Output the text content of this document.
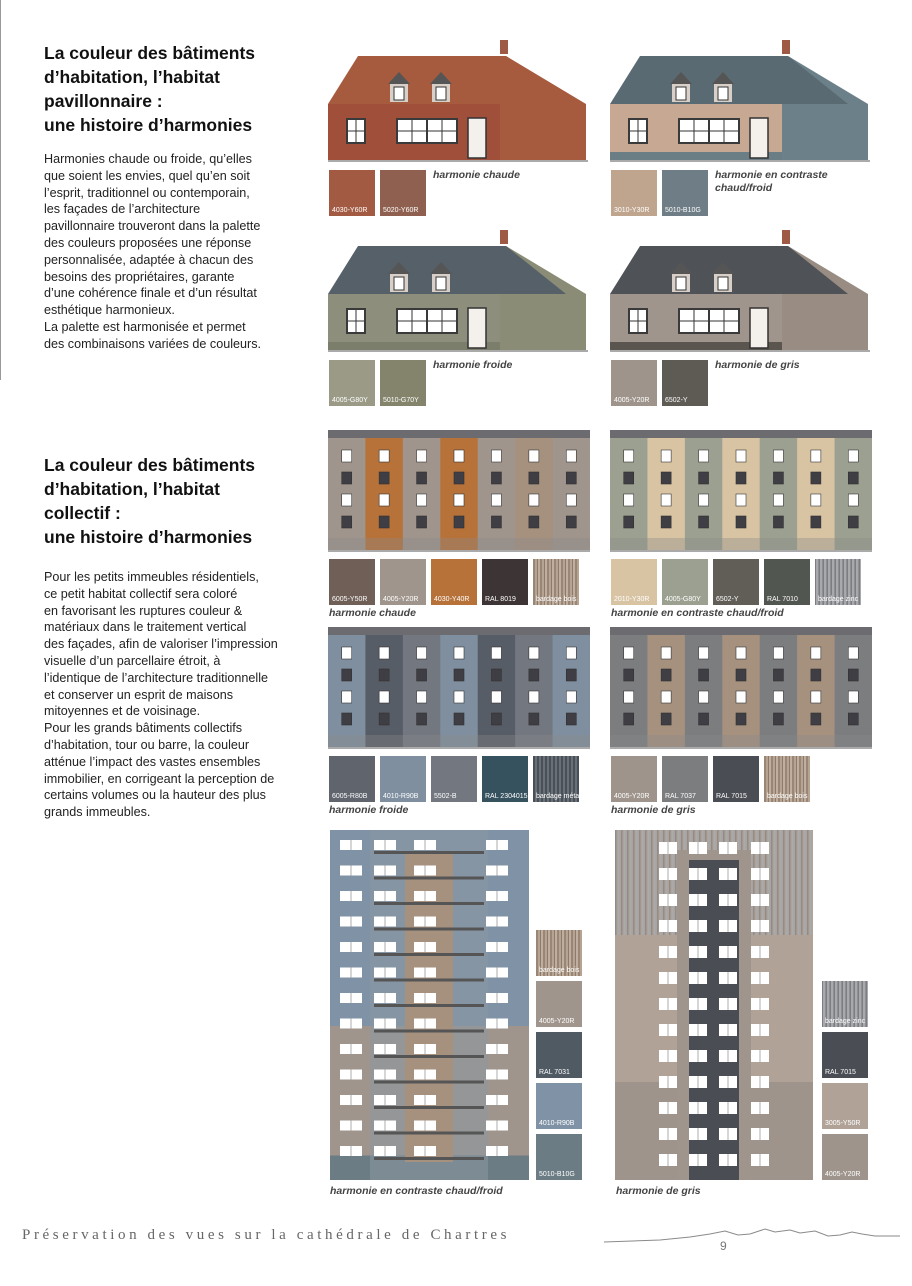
La couleur des bâtiments
d’habitation, l’habitat
pavillonnaire :
une histoire d’harmonies
Harmonies chaude ou froide, qu’elles
que soient les envies, quel qu’en soit
l’esprit, traditionnel ou contemporain,
les façades de l’architecture
pavillonnaire trouveront dans la palette
des couleurs proposées une réponse
personnalisée, adaptée à chacun des
besoins des propriétaires, garante
d’une cohérence finale et d’un résultat
esthétique harmonieux.
La palette est harmonisée et permet
des combinaisons variées de couleurs.
La couleur des bâtiments
d’habitation, l’habitat
collectif :
une histoire d’harmonies
Pour les petits immeubles résidentiels,
ce petit habitat collectif sera coloré
en favorisant les ruptures couleur &
matériaux dans le traitement vertical
des façades, afin de valoriser l’impression
visuelle d’un parcellaire étroit, à
l’identique de l’architecture traditionnelle
et conserver un esprit de maisons
mitoyennes et de voisinage.
Pour les grands bâtiments collectifs
d’habitation, tour ou barre, la couleur
atténue l’impact des vastes ensembles
immobilier, en corrigeant la perception de
certains volumes ou la hauteur des plus
grands immeubles.
4030-Y60R 5020-Y60R
harmonie chaude
3010-Y30R 5010-B10G
harmonie en contraste
chaud/froid
4005-G80Y 5010-G70Y
harmonie froide
4005-Y20R 6502-Y
harmonie de gris
6005-Y50R 4005-Y20R 4030-Y40R RAL 8019	bardage bois
harmonie chaude
2010-Y30R 4005-G80Y 6502-Y	RAL 7010	bardage zinc
harmonie en contraste chaud/froid
6005-R80B 4010-R90B 5502-B	RAL 2304015 bardage métal
harmonie froide
4005-Y20R RAL 7037	RAL 7015	bardage bois
harmonie de gris
bardage bois
4005-Y20R
RAL 7031
4010-R90B
5010-B10G
bardage zinc
RAL 7015
3005-Y50R
4005-Y20R
harmonie en contraste chaud/froid	harmonie de gris
Préservation des vues sur la cathédrale de Chartres
9
